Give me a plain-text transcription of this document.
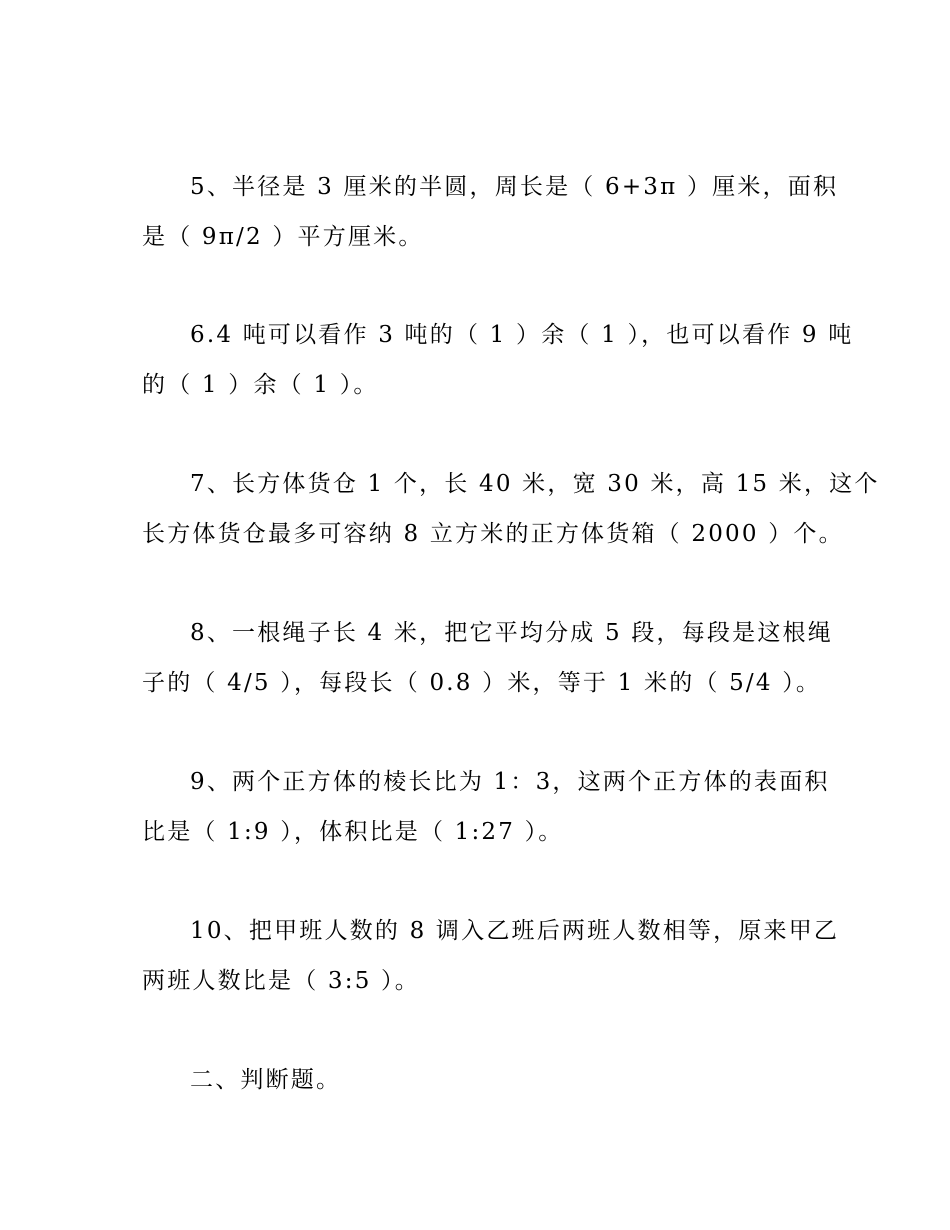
5、半径是 3 厘米的半圆，周长是（ 6+3π ）厘米，面积
是（ 9π/2 ）平方厘米。
6.4 吨可以看作 3 吨的（ 1 ）余（ 1 ），也可以看作 9 吨
的（ 1 ）余（ 1 ）。
7、长方体货仓 1 个，长 40 米，宽 30 米，高 15 米，这个
长方体货仓最多可容纳 8 立方米的正方体货箱（ 2000 ）个。
8、一根绳子长 4 米，把它平均分成 5 段，每段是这根绳
子的（ 4/5 ），每段长（ 0.8 ）米，等于 1 米的（ 5/4 ）。
9、两个正方体的棱长比为 1：3，这两个正方体的表面积
比是（ 1:9 ），体积比是（ 1:27 ）。
10、把甲班人数的 8 调入乙班后两班人数相等，原来甲乙
两班人数比是（ 3:5 ）。
二、判断题。
